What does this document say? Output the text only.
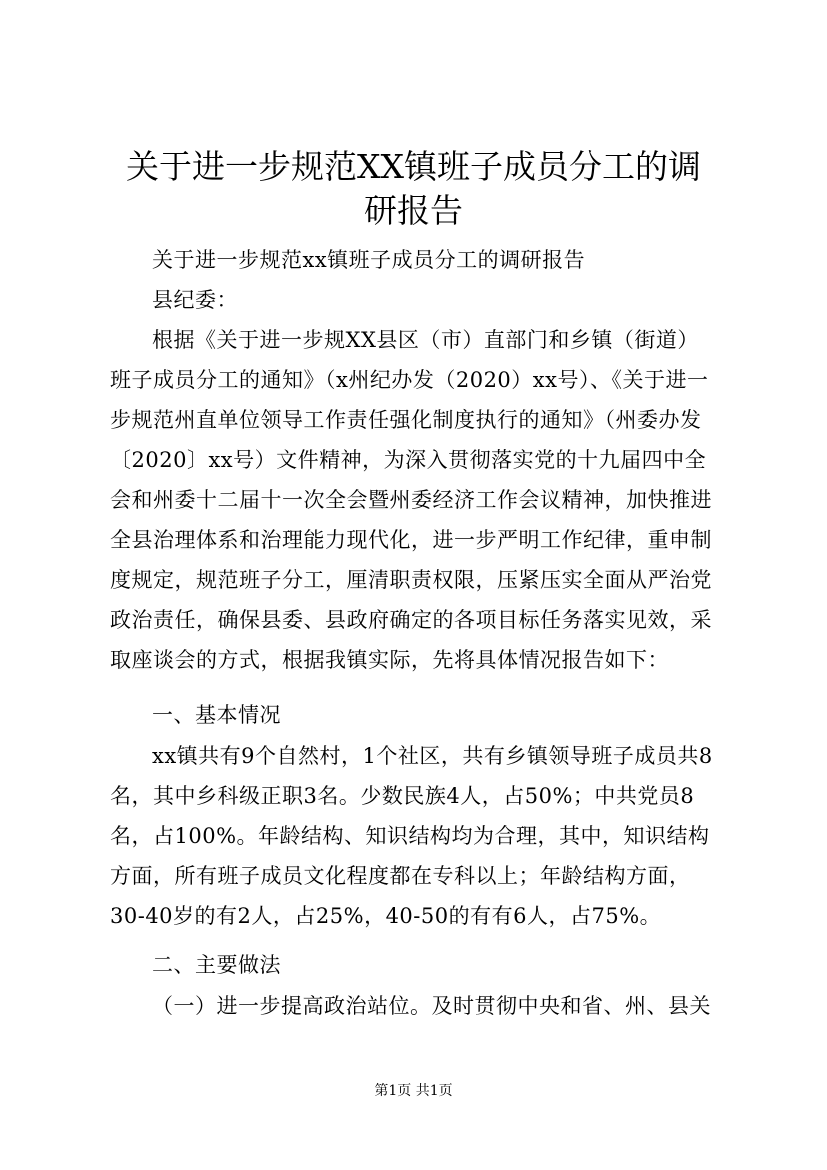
关于进一步规范XX镇班子成员分工的调研报告

关于进一步规范xx镇班子成员分工的调研报告

县纪委：

根据《关于进一步规XX县区（市）直部门和乡镇（街道）班子成员分工的通知》（x州纪办发（2020）xx号）、《关于进一步规范州直单位领导工作责任强化制度执行的通知》（州委办发〔2020〕xx号）文件精神，为深入贯彻落实党的十九届四中全会和州委十二届十一次全会暨州委经济工作会议精神，加快推进全县治理体系和治理能力现代化，进一步严明工作纪律，重申制度规定，规范班子分工，厘清职责权限，压紧压实全面从严治党政治责任，确保县委、县政府确定的各项目标任务落实见效，采取座谈会的方式，根据我镇实际，先将具体情况报告如下：

一、基本情况

xx镇共有9个自然村，1个社区，共有乡镇领导班子成员共8名，其中乡科级正职3名。少数民族4人，占50%；中共党员8名，占100%。年龄结构、知识结构均为合理，其中，知识结构方面，所有班子成员文化程度都在专科以上；年龄结构方面，30-40岁的有2人，占25%，40-50的有有6人，占75%。

二、主要做法

（一）进一步提高政治站位。及时贯彻中央和省、州、县关

第1页 共1页
